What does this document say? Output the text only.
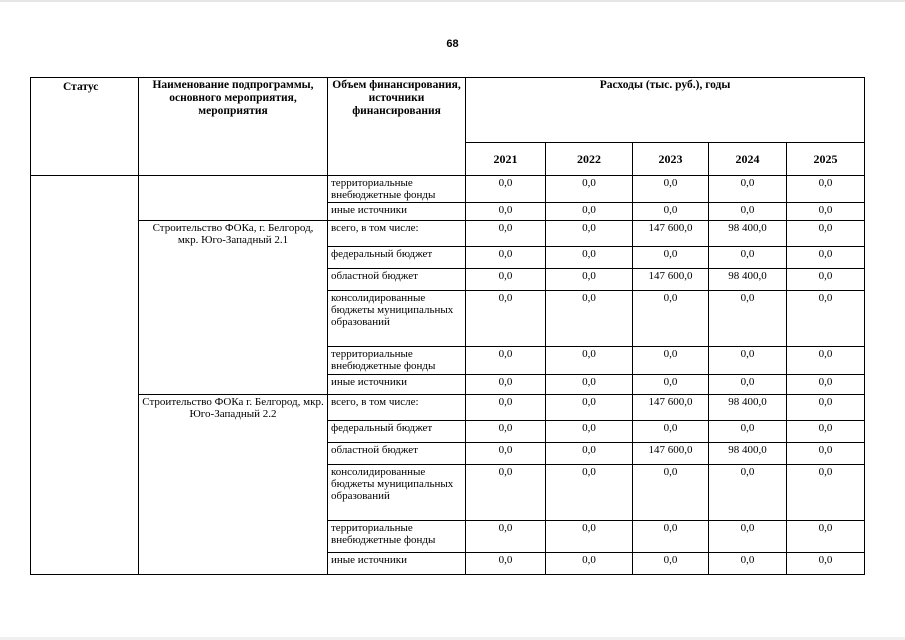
68
Статус	Наименование подпрограммы, основного мероприятия, мероприятия	Объем финансирования, источники финансирования	Расходы (тыс. руб.), годы				
			2021	2022	2023	2024	2025
		территориальные внебюджетные фонды	0,0	0,0	0,0	0,0	0,0
		иные источники	0,0	0,0	0,0	0,0	0,0
	Строительство ФОКа, г. Белгород, мкр. Юго-Западный 2.1	всего, в том числе:	0,0	0,0	147 600,0	98 400,0	0,0
		федеральный бюджет	0,0	0,0	0,0	0,0	0,0
		областной бюджет	0,0	0,0	147 600,0	98 400,0	0,0
		консолидированные бюджеты муниципальных образований	0,0	0,0	0,0	0,0	0,0
		территориальные внебюджетные фонды	0,0	0,0	0,0	0,0	0,0
		иные источники	0,0	0,0	0,0	0,0	0,0
	Строительство ФОКа г. Белгород, мкр. Юго-Западный 2.2	всего, в том числе:	0,0	0,0	147 600,0	98 400,0	0,0
		федеральный бюджет	0,0	0,0	0,0	0,0	0,0
		областной бюджет	0,0	0,0	147 600,0	98 400,0	0,0
		консолидированные бюджеты муниципальных образований	0,0	0,0	0,0	0,0	0,0
		территориальные внебюджетные фонды	0,0	0,0	0,0	0,0	0,0
		иные источники	0,0	0,0	0,0	0,0	0,0
